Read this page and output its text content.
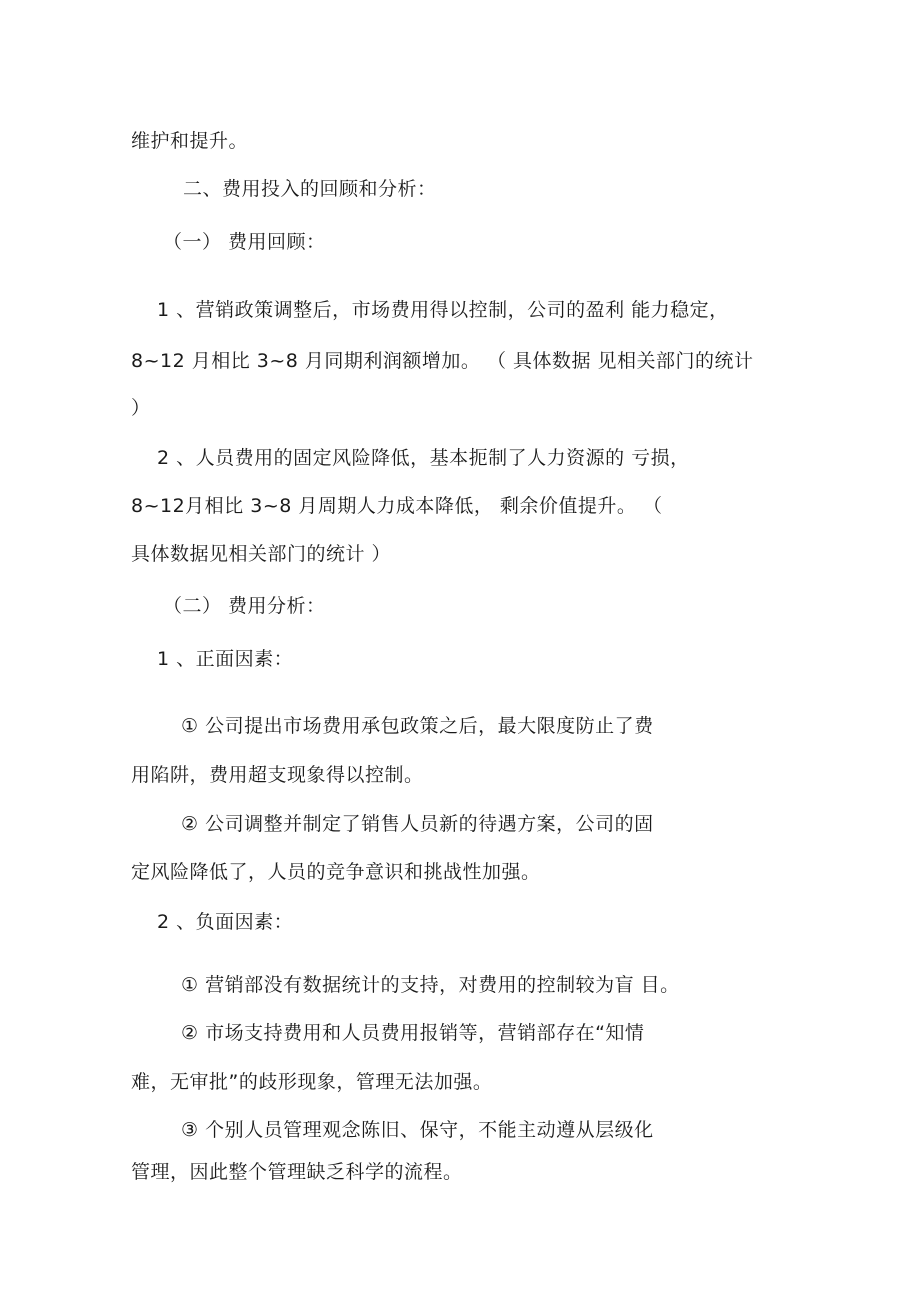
维护和提升。
二、费用投入的回顾和分析：
（一） 费用回顾：
1 、营销政策调整后，市场费用得以控制，公司的盈利 能力稳定，
8~12 月相比 3~8 月同期利润额增加。 （ 具体数据 见相关部门的统计
）
2 、人员费用的固定风险降低，基本扼制了人力资源的 亏损，
8~12月相比 3~8 月周期人力成本降低， 剩余价值提升。 （
具体数据见相关部门的统计 ）
（二） 费用分析：
1 、正面因素：
① 公司提出市场费用承包政策之后，最大限度防止了费
用陷阱，费用超支现象得以控制。
② 公司调整并制定了销售人员新的待遇方案，公司的固
定风险降低了，人员的竞争意识和挑战性加强。
2 、负面因素：
① 营销部没有数据统计的支持，对费用的控制较为盲 目。
② 市场支持费用和人员费用报销等，营销部存在“知情
难，无审批”的歧形现象，管理无法加强。
③ 个别人员管理观念陈旧、保守，不能主动遵从层级化
管理，因此整个管理缺乏科学的流程。
